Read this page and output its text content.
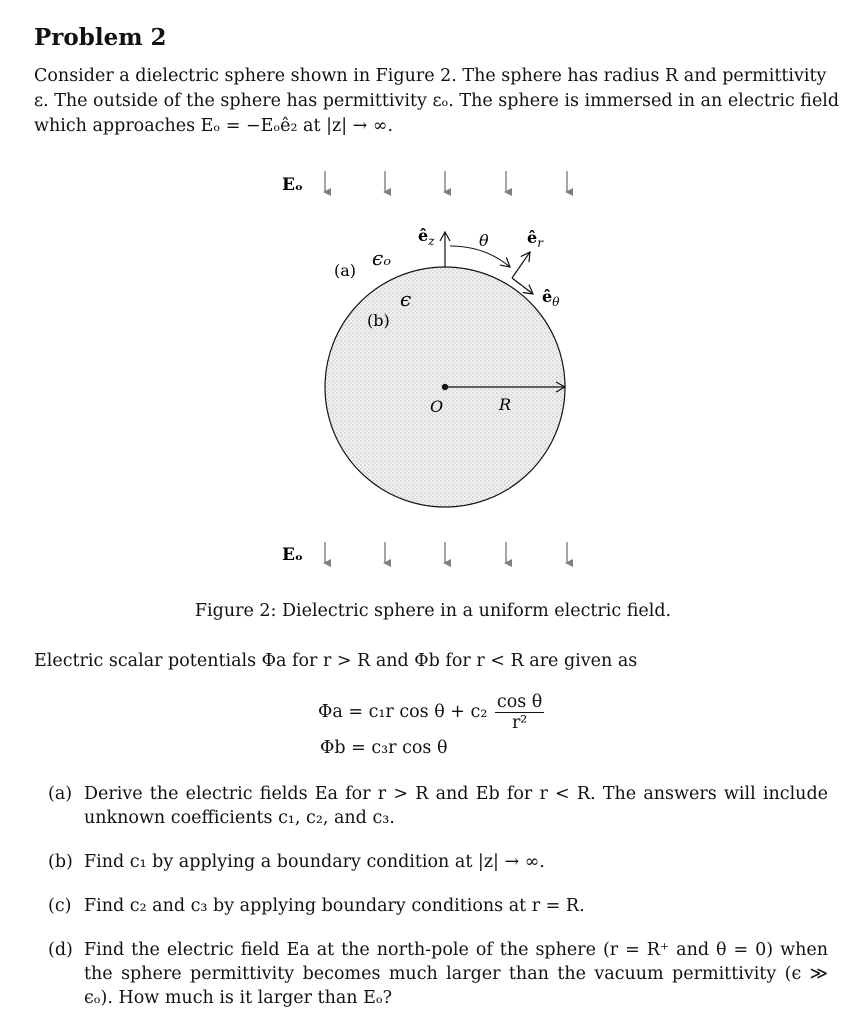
Problem 2
Consider a dielectric sphere shown in Figure 2. The sphere has radius R and permittivity
ε. The outside of the sphere has permittivity εₒ. The sphere is immersed in an electric field
which approaches Eₒ = −Eₒê₂ at |z| → ∞.
Eₒ
$ê_z$	θ $ê_r$
$ê_\theta$
(a)
ϵₒ
ϵ
(b)
O	R
Eₒ
Figure 2: Dielectric sphere in a uniform electric field.
Electric scalar potentials Φa for r > R and Φb for r < R are given as
Φa = c₁r $\cos \theta + c_2 \frac{\text{cos θ}}{\text{r²}}$
Φb = c₃r cos θ
(a) Derive the electric fields Ea for r > R and Eb for r < R. The answers will include unknown coefficients c₁, c₂, and c₃.
(b) Find c₁ by applying a boundary condition at |z| → ∞.
(c) Find c₂ and c₃ by applying boundary conditions at r = R.
(d) Find the electric field Ea at the north-pole of the sphere (r = R⁺ and θ = 0) when the sphere permittivity becomes much larger than the vacuum permittivity (ϵ ≫ ϵₒ). How much is it larger than Eₒ?
